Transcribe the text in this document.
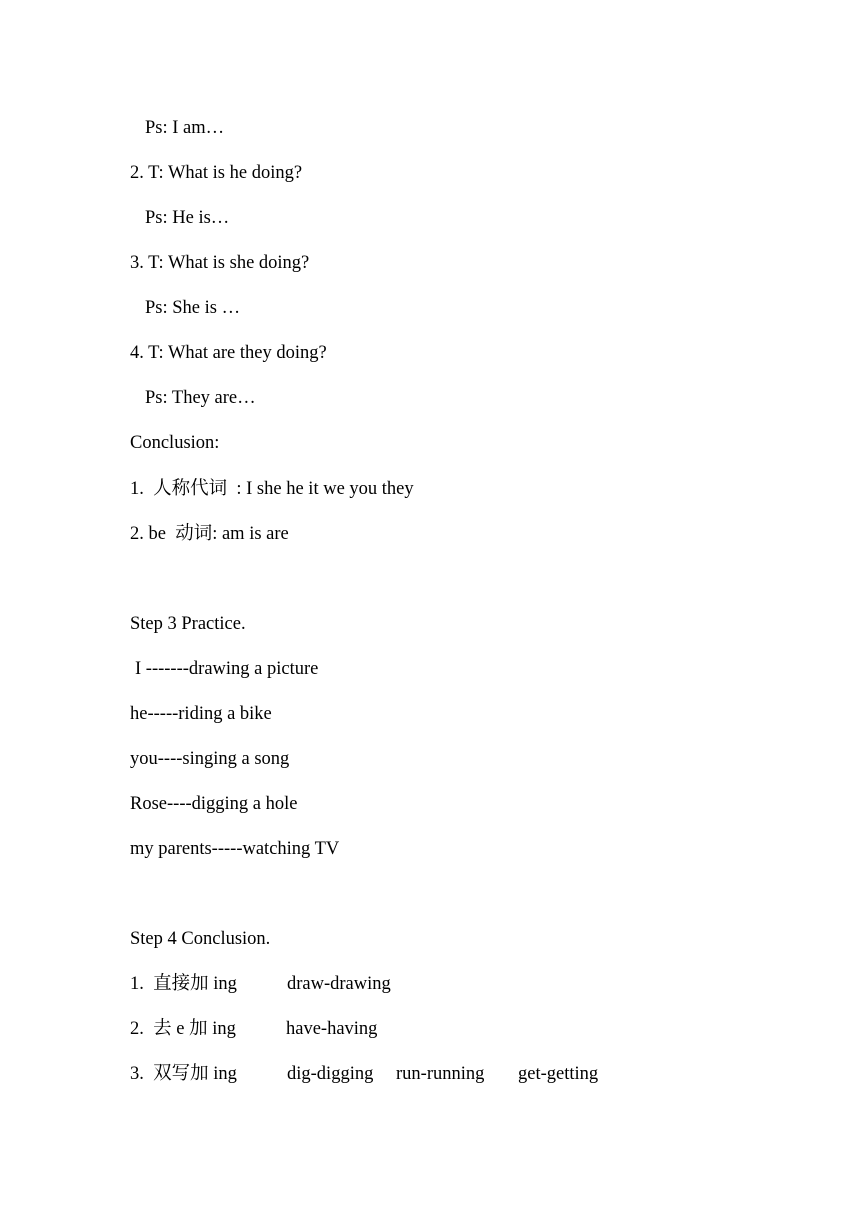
Ps: I am…
2. T: What is he doing?
Ps: He is…
3. T: What is she doing?
Ps: She is …
4. T: What are they doing?
Ps: They are…
Conclusion:
1.  人称代词  : I she he it we you they
2. be  动词: am is are
Step 3 Practice.
I -------drawing a picture
he-----riding a bike
you----singing a song
Rose----digging a hole
my parents-----watching TV
Step 4 Conclusion.
1.  直接加 ing	draw-drawing
2.  去 e 加 ing	have-having
3.  双写加 ing	dig-digging run-running get-getting
